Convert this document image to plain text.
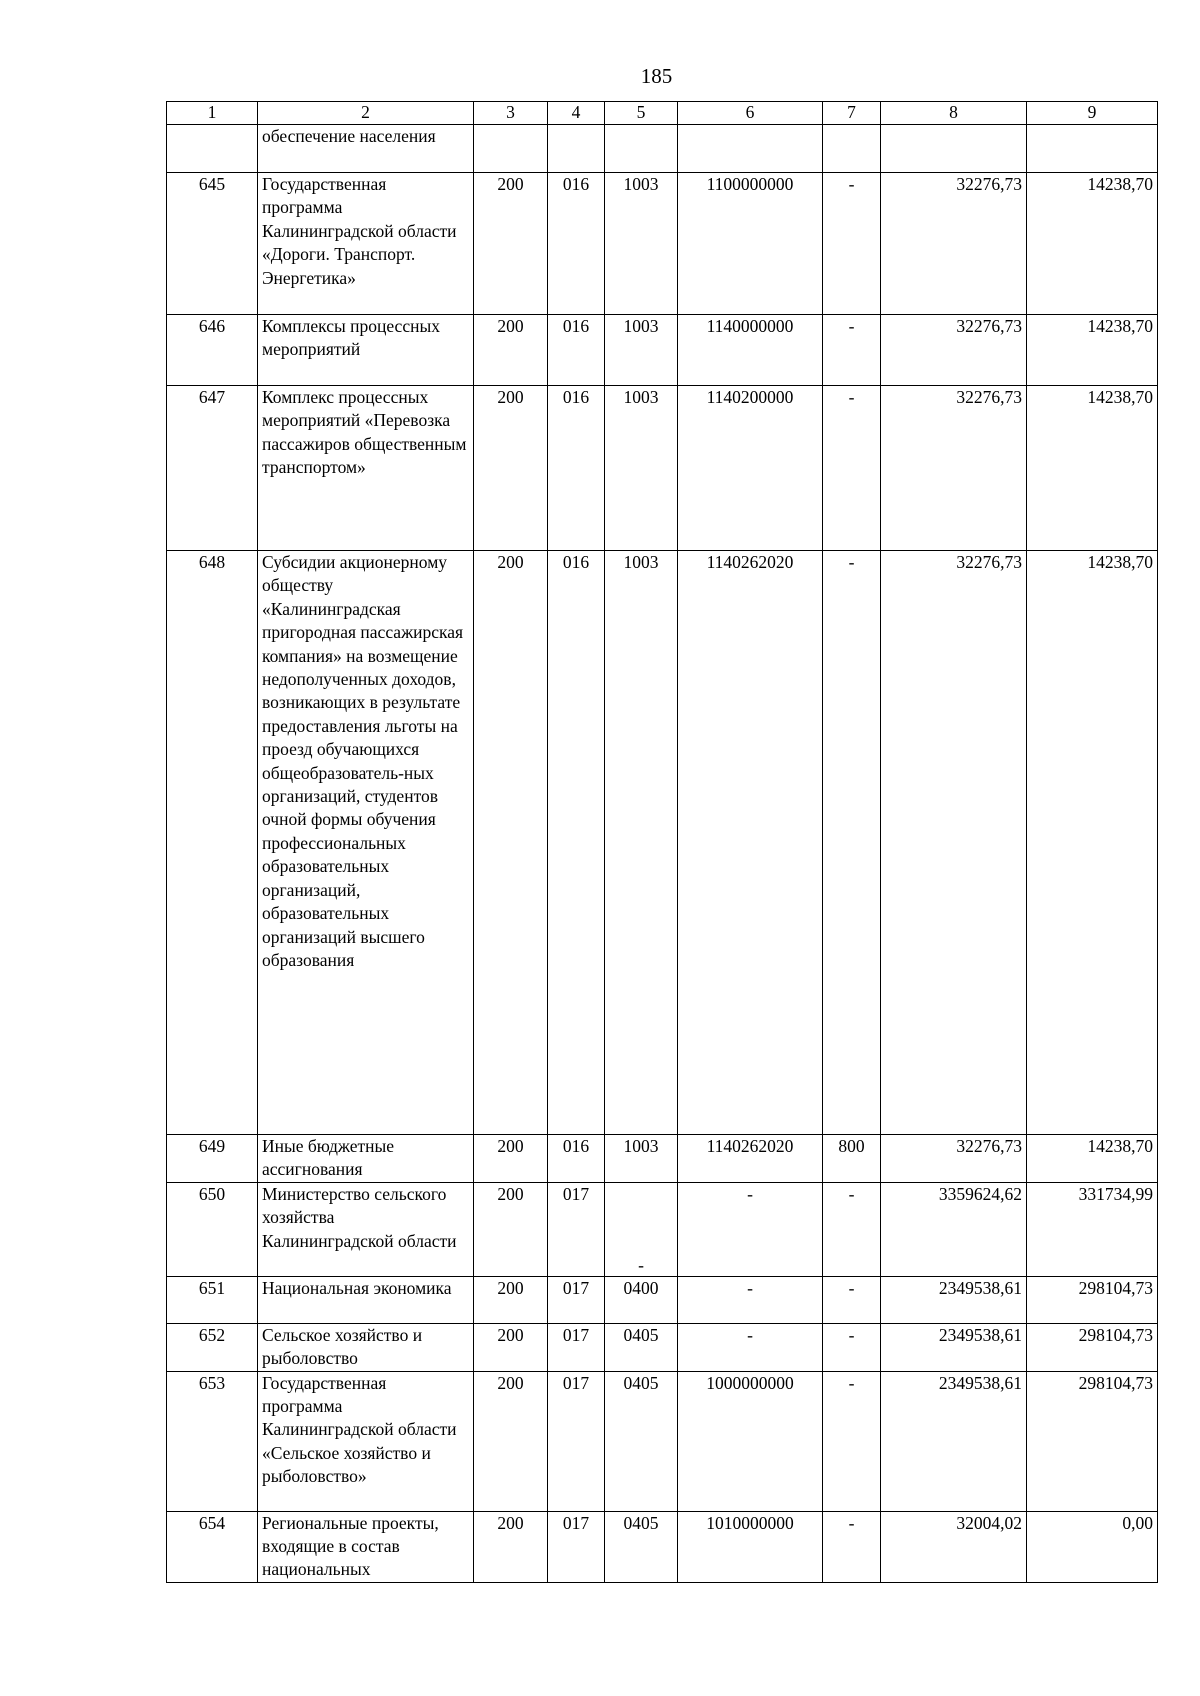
185
1	2	3	4	5	6	7	8	9
	обеспечение населения							
645	Государственная программа Калининградской области «Дороги. Транспорт. Энергетика»	200	016	1003	1100000000	-	32276,73	14238,70
646	Комплексы процессных мероприятий	200	016	1003	1140000000	-	32276,73	14238,70
647	Комплекс процессных мероприятий «Перевозка пассажиров общественным транспортом»	200	016	1003	1140200000	-	32276,73	14238,70
648	Субсидии акционерному обществу «Калининградская пригородная пассажирская компания» на возмещение недополученных доходов, возникающих в результате предоставления льготы на проезд обучающихся общеобразователь-ных организаций, студентов очной формы обучения профессиональных образовательных организаций, образовательных организаций высшего образования	200	016	1003	1140262020	-	32276,73	14238,70
649	Иные бюджетные ассигнования	200	016	1003	1140262020	800	32276,73	14238,70
650	Министерство сельского хозяйства Калининградской области	200	017	-	-	-	3359624,62	331734,99
651	Национальная экономика	200	017	0400	-	-	2349538,61	298104,73
652	Сельское хозяйство и рыболовство	200	017	0405	-	-	2349538,61	298104,73
653	Государственная программа Калининградской области «Сельское хозяйство и рыболовство»	200	017	0405	1000000000	-	2349538,61	298104,73
654	Региональные проекты, входящие в состав национальных	200	017	0405	1010000000	-	32004,02	0,00
